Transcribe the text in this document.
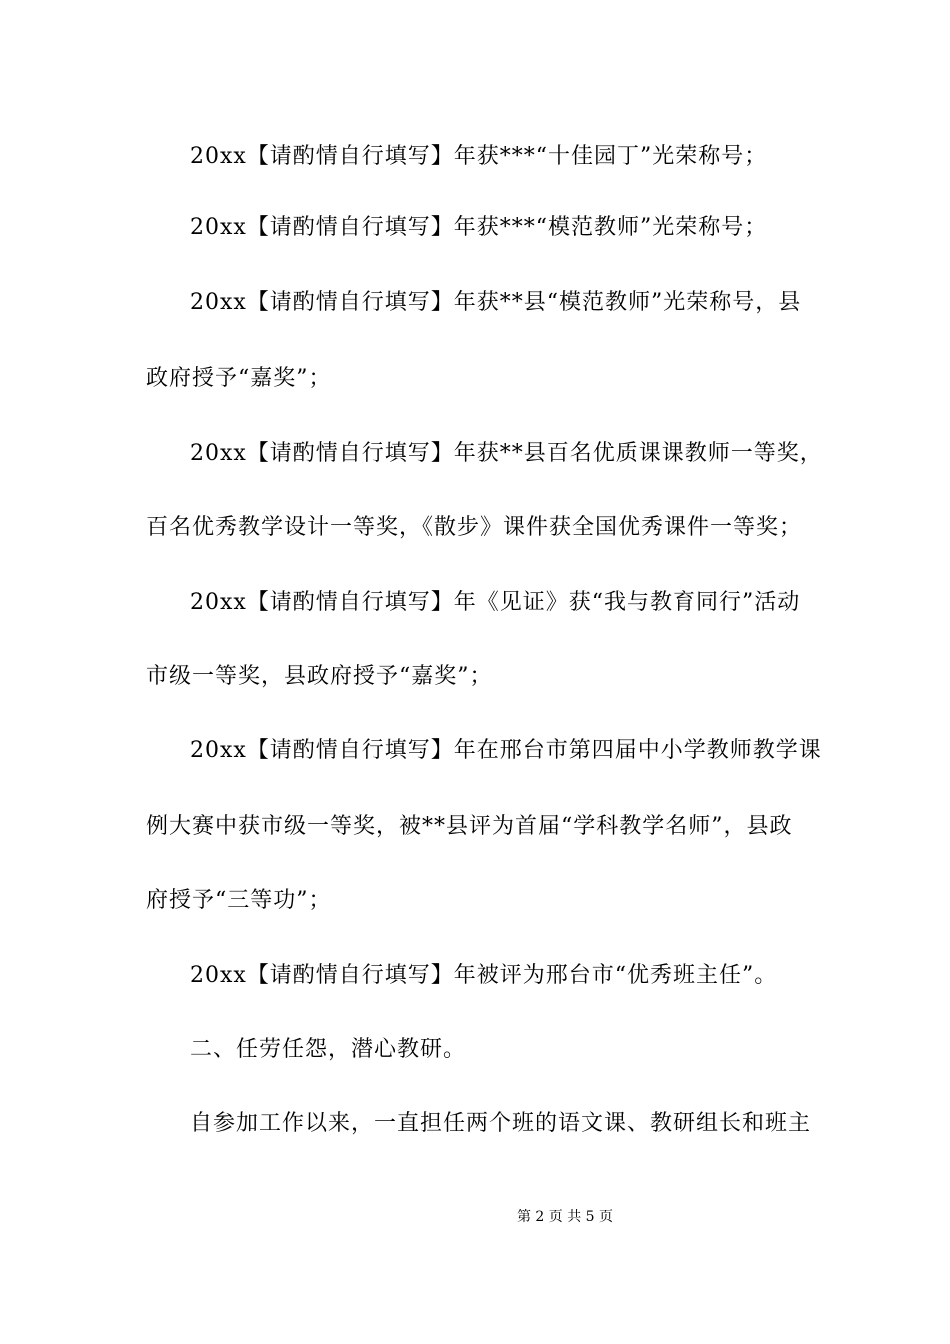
20xx【请酌情自行填写】年获***“十佳园丁”光荣称号；
20xx【请酌情自行填写】年获***“模范教师”光荣称号；
20xx【请酌情自行填写】年获**县“模范教师”光荣称号，县
政府授予“嘉奖”；
20xx【请酌情自行填写】年获**县百名优质课课教师一等奖，
百名优秀教学设计一等奖，《散步》课件获全国优秀课件一等奖；
20xx【请酌情自行填写】年《见证》获“我与教育同行”活动
市级一等奖，县政府授予“嘉奖”；
20xx【请酌情自行填写】年在邢台市第四届中小学教师教学课
例大赛中获市级一等奖，被**县评为首届“学科教学名师”，县政
府授予“三等功”；
20xx【请酌情自行填写】年被评为邢台市“优秀班主任”。
二、任劳任怨，潜心教研。
自参加工作以来，一直担任两个班的语文课、教研组长和班主
第 2 页 共 5 页
